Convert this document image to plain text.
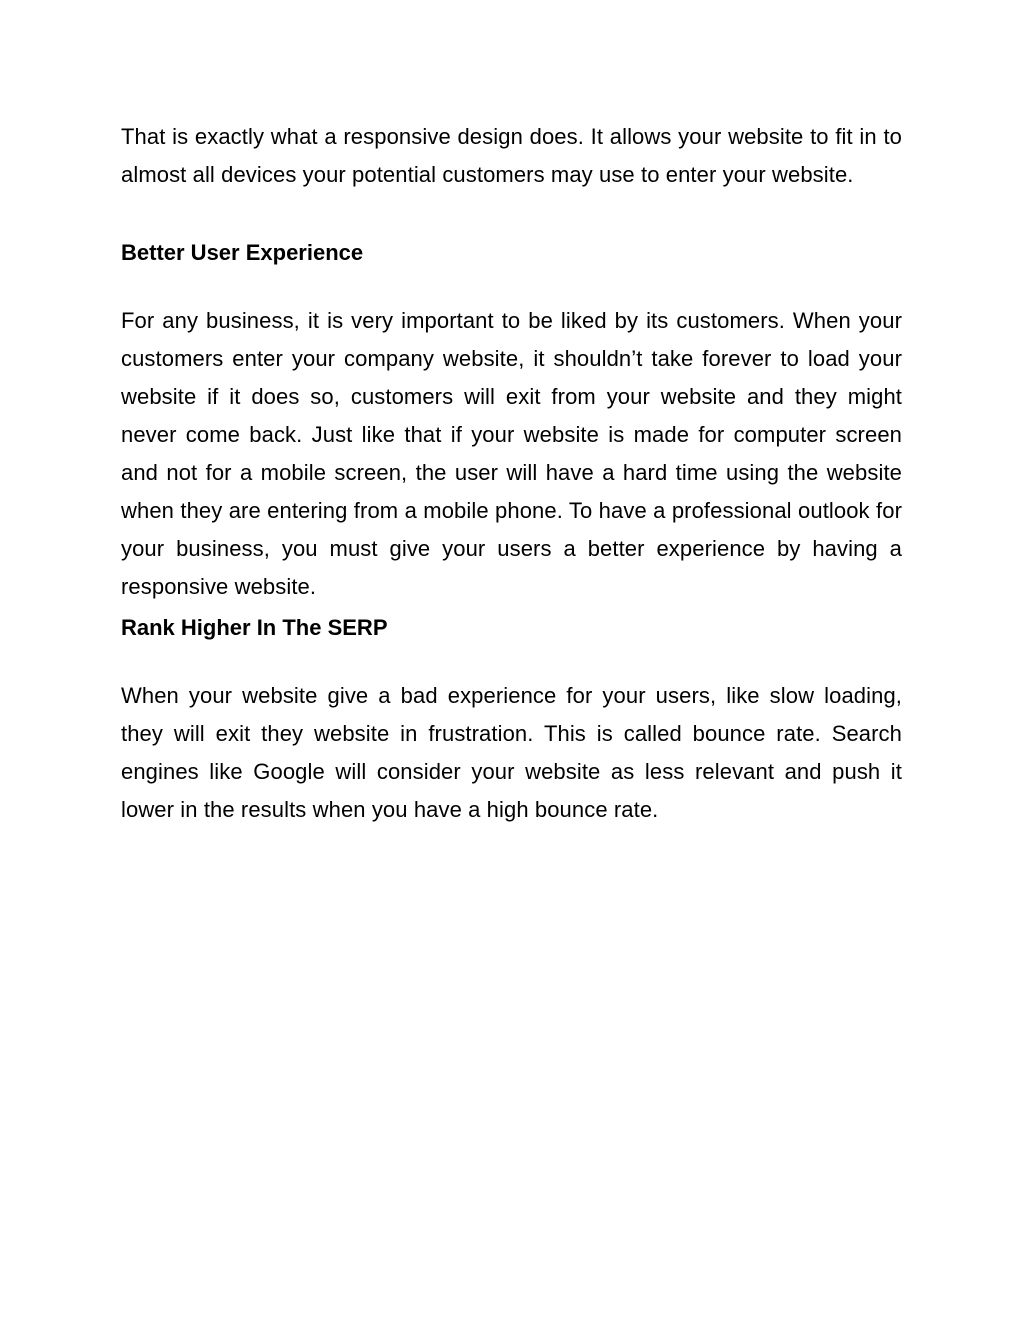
That is exactly what a responsive design does. It allows your website to fit in to almost all devices your potential customers may use to enter your website.

Better User Experience

For any business, it is very important to be liked by its customers. When your customers enter your company website, it shouldn’t take forever to load your website if it does so, customers will exit from your website and they might never come back. Just like that if your website is made for computer screen and not for a mobile screen, the user will have a hard time using the website when they are entering from a mobile phone. To have a professional outlook for your business, you must give your users a better experience by having a responsive website.

Rank Higher In The SERP

When your website give a bad experience for your users, like slow loading, they will exit they website in frustration. This is called bounce rate. Search engines like Google will consider your website as less relevant and push it lower in the results when you have a high bounce rate.
